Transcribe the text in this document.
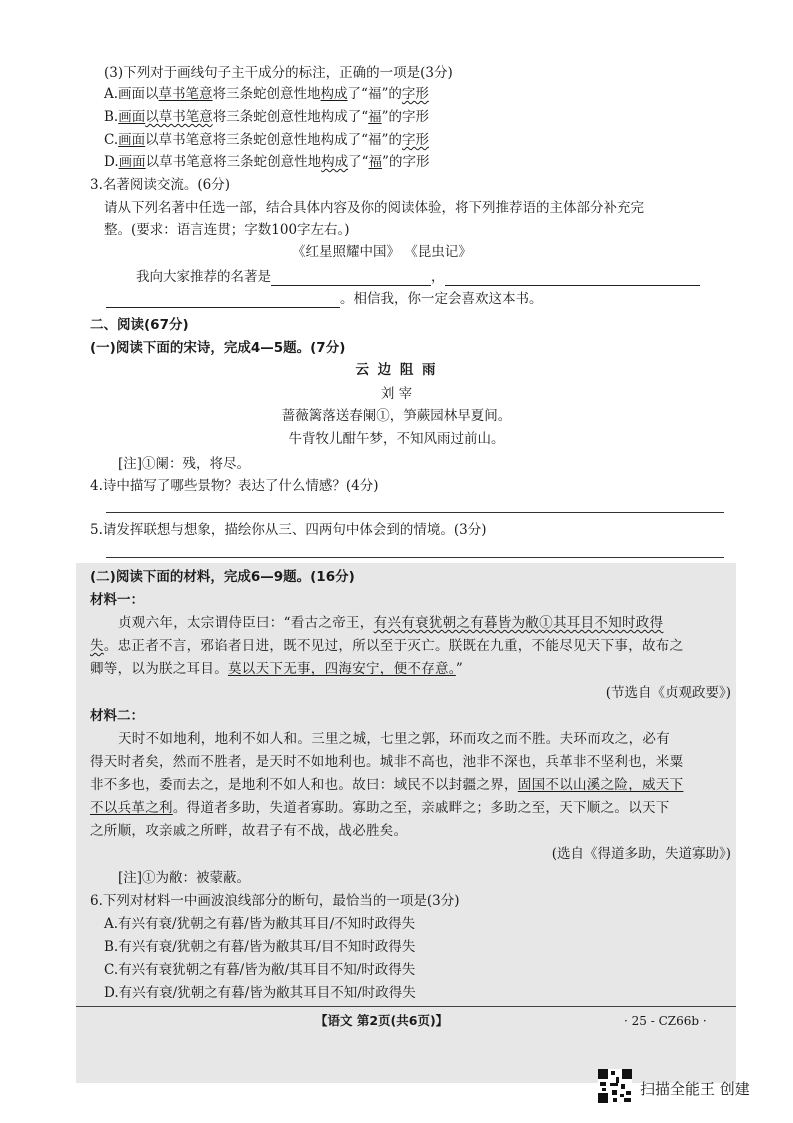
(3)下列对于画线句子主干成分的标注，正确的一项是(3分)
A.画面以草书笔意将三条蛇创意性地构成了“福”的字形
B.画面以草书笔意将三条蛇创意性地构成了“福”的字形
C.画面以草书笔意将三条蛇创意性地构成了“福”的字形
D.画面以草书笔意将三条蛇创意性地构成了“福”的字形
3.名著阅读交流。(6分)
请从下列名著中任选一部，结合具体内容及你的阅读体验，将下列推荐语的主体部分补充完
整。(要求：语言连贯；字数100字左右。)
《红星照耀中国》 《昆虫记》
我向大家推荐的名著是	，
。相信我，你一定会喜欢这本书。
二、阅读(67分)
(一)阅读下面的宋诗，完成4—5题。(7分)
云 边 阻 雨
刘 宰
蔷薇篱落送春阑①，笋蕨园林早夏间。
牛背牧儿酣午梦，不知风雨过前山。
[注]①阑：残，将尽。
4.诗中描写了哪些景物？表达了什么情感？(4分)
5.请发挥联想与想象，描绘你从三、四两句中体会到的情境。(3分)
(二)阅读下面的材料，完成6—9题。(16分)
材料一：
贞观六年，太宗谓侍臣曰：“看古之帝王，有兴有衰犹朝之有暮皆为敝①其耳目不知时政得
失。忠正者不言，邪谄者日进，既不见过，所以至于灭亡。朕既在九重，不能尽见天下事，故布之
卿等，以为朕之耳目。莫以天下无事，四海安宁，便不存意。”
(节选自《贞观政要》)
材料二：
天时不如地利，地利不如人和。三里之城，七里之郭，环而攻之而不胜。夫环而攻之，必有
得天时者矣，然而不胜者，是天时不如地利也。城非不高也，池非不深也，兵革非不坚利也，米粟
非不多也，委而去之，是地利不如人和也。故曰：域民不以封疆之界，固国不以山溪之险，威天下
不以兵革之利。得道者多助，失道者寡助。寡助之至，亲戚畔之；多助之至，天下顺之。以天下
之所顺，攻亲戚之所畔，故君子有不战，战必胜矣。
(选自《得道多助，失道寡助》)
[注]①为敝：被蒙蔽。
6.下列对材料一中画波浪线部分的断句，最恰当的一项是(3分)
A.有兴有衰/犹朝之有暮/皆为敝其耳目/不知时政得失
B.有兴有衰/犹朝之有暮/皆为敝其耳/目不知时政得失
C.有兴有衰犹朝之有暮/皆为敝/其耳目不知/时政得失
D.有兴有衰/犹朝之有暮/皆为敝其耳目不知/时政得失
【语文 第2页(共6页)】	· 25 - CZ66b ·
扫描全能王 创建
